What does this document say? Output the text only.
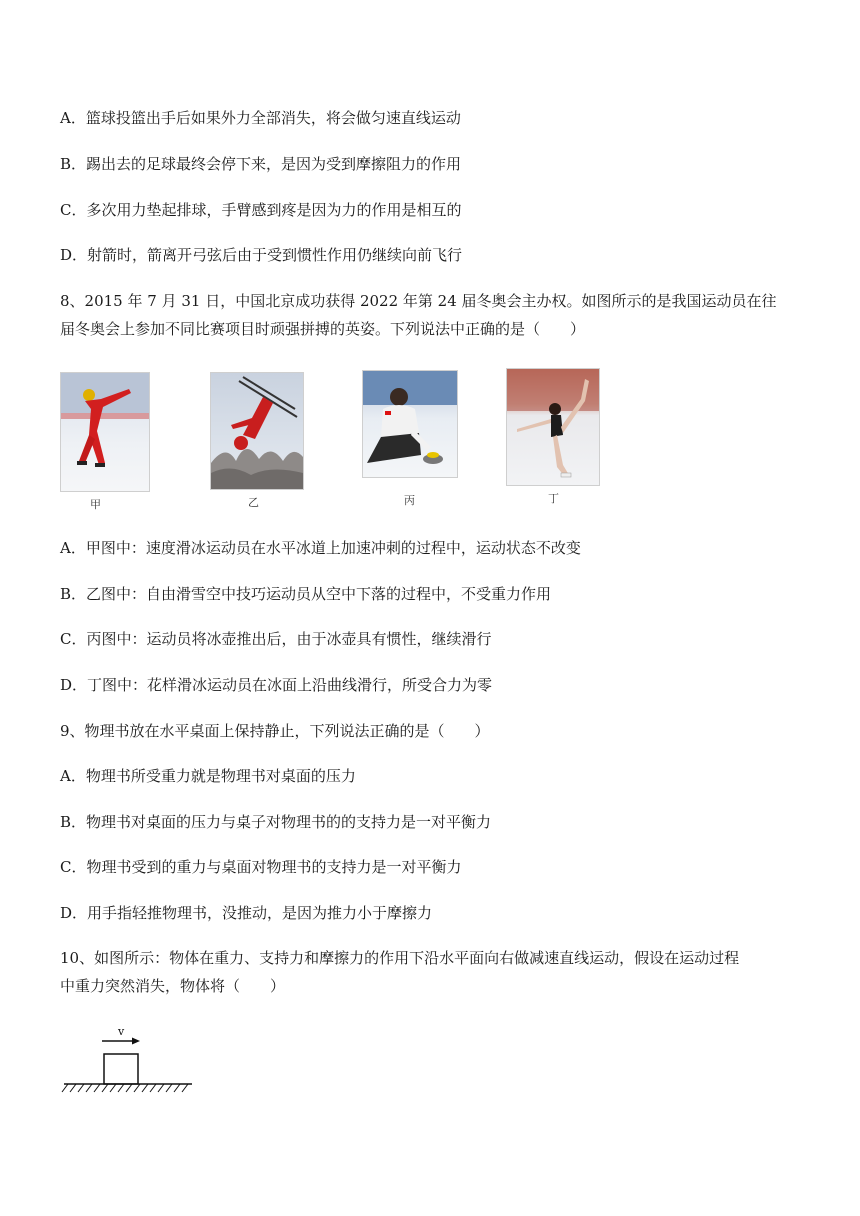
A．篮球投篮出手后如果外力全部消失，将会做匀速直线运动
B．踢出去的足球最终会停下来，是因为受到摩擦阻力的作用
C．多次用力垫起排球，手臂感到疼是因为力的作用是相互的
D．射箭时，箭离开弓弦后由于受到惯性作用仍继续向前飞行
8、2015 年 7 月 31 日，中国北京成功获得 2022 年第 24 届冬奥会主办权。如图所示的是我国运动员在往
届冬奥会上参加不同比赛项目时顽强拼搏的英姿。下列说法中正确的是（　　）
甲	乙	丙	丁
A．甲图中：速度滑冰运动员在水平冰道上加速冲刺的过程中，运动状态不改变
B．乙图中：自由滑雪空中技巧运动员从空中下落的过程中，不受重力作用
C．丙图中：运动员将冰壶推出后，由于冰壶具有惯性，继续滑行
D．丁图中：花样滑冰运动员在冰面上沿曲线滑行，所受合力为零
9、物理书放在水平桌面上保持静止，下列说法正确的是（　　）
A．物理书所受重力就是物理书对桌面的压力
B．物理书对桌面的压力与桌子对物理书的的支持力是一对平衡力
C．物理书受到的重力与桌面对物理书的支持力是一对平衡力
D．用手指轻推物理书，没推动，是因为推力小于摩擦力
10、如图所示：物体在重力、支持力和摩擦力的作用下沿水平面向右做减速直线运动，假设在运动过程
中重力突然消失，物体将（　　）
v
